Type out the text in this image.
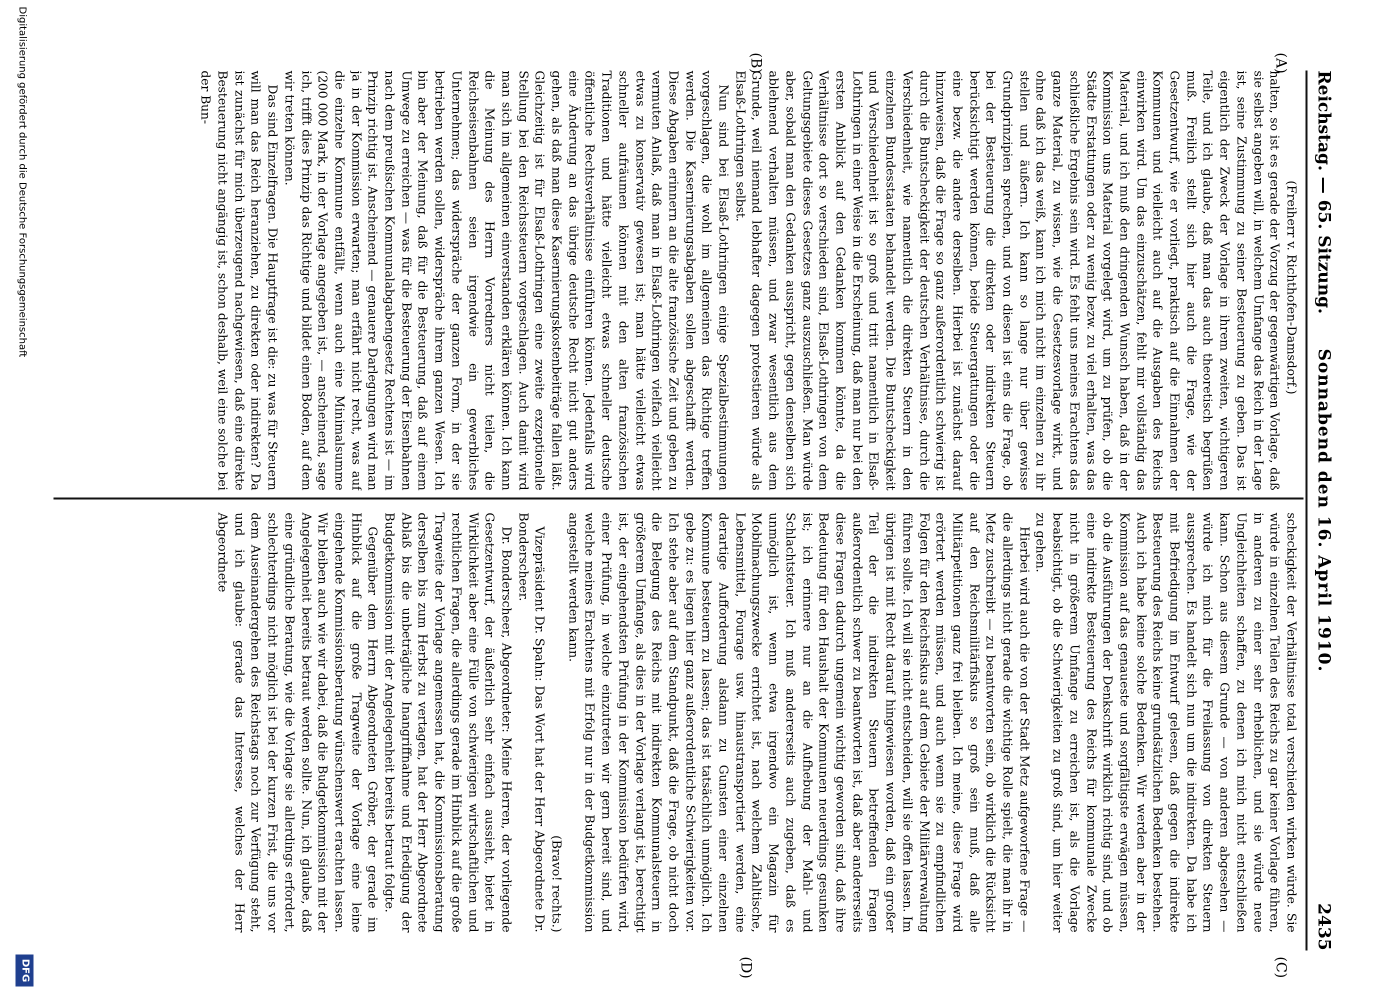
Reichstag. — 65. Sitzung.
Sonnabend den 16. April 1910.
2435
(A)
(B)
(C)
(D)

(Freiherr v. Richthofen-Damsdorf.)

halten, so ist es gerade der Vorzug der gegenwärtigen Vorlage, daß sie selbst angeben will, in welchem Umfange das Reich in der Lage ist, seine Zustimmung zu seiner Besteuerung zu geben. Das ist eigentlich der Zweck der Vorlage in ihrem zweiten, wichtigeren Teile, und ich glaube, daß man das auch theoretisch begrüßen muß. Freilich stellt sich hier auch die Frage, wie der Gesetzentwurf, wie er vorliegt, praktisch auf die Einnahmen der Kommunen und vielleicht auch auf die Ausgaben des Reichs einwirken wird. Um das einzuschätzen, fehlt mir vollständig das Material, und ich muß den dringenden Wunsch haben, daß in der Kommission uns Material vorgelegt wird, um zu prüfen, ob die Städte Erstattungen oder zu wenig bezw. zu viel erhalten, was das schließliche Ergebnis sein wird. Es fehlt uns meines Erachtens das ganze Material, zu wissen, wie die Gesetzesvorlage wirkt, und ohne daß ich das weiß, kann ich mich nicht im einzelnen zu ihr stellen und äußern. Ich kann so lange nur über gewisse Grundprinzipien sprechen, und von diesen ist eins die Frage, ob bei der Besteuerung die direkten oder indirekten Steuern berücksichtigt werden können, beide Steuergattungen oder die eine bezw. die andere derselben. Hierbei ist zunächst darauf hinzuweisen, daß die Frage so ganz außerordentlich schwierig ist durch die Buntscheckigkeit der deutschen Verhältnisse, durch die Verschiedenheit, wie namentlich die direkten Steuern in den einzelnen Bundesstaaten behandelt werden. Die Buntscheckigkeit und Verschiedenheit ist so groß und tritt namentlich in Elsaß-Lothringen in einer Weise in die Erscheinung, daß man nur bei den ersten Anblick auf den Gedanken kommen könnte, da die Verhältnisse dort so verschieden sind, Elsaß-Lothringen von dem Geltungsgebiete dieses Gesetzes ganz auszuschließen. Man würde aber, sobald man den Gedanken ausspricht, gegen denselben sich ablehnend verhalten müssen, und zwar wesentlich aus dem Grunde, weil niemand lebhafter dagegen protestieren würde als Elsaß-Lothringen selbst.

Nun sind bei Elsaß-Lothringen einige Spezialbestimmungen vorgeschlagen, die wohl im allgemeinen das Richtige treffen werden. Die Kasernierungsabgaben sollen abgeschafft werden. Diese Abgaben erinnern an die alte französische Zeit und geben zu vermuten Anlaß, daß man in Elsaß-Lothringen vielfach vielleicht etwas zu konservativ gewesen ist; man hätte vielleicht etwas schneller aufräumen können mit den alten französischen Traditionen und hätte vielleicht etwas schneller deutsche öffentliche Rechtsverhältnisse einführen können. Jedenfalls wird eine Änderung an das übrige deutsche Recht nicht gut anders gehen, als daß man diese Kasernierungskostenbeiträge fallen läßt. Gleichzeitig ist für Elsaß-Lothringen eine zweite exzeptionelle Stellung bei den Reichssteuern vorgeschlagen. Auch damit wird man sich im allgemeinen einverstanden erklären können. Ich kann die Meinung des Herrn Vorredners nicht teilen, die Reichseisenbahnen seien irgendwie ein gewerbliches Unternehmen; das widerspräche der ganzen Form, in der sie betrieben werden sollen, widerspräche ihrem ganzen Wesen. Ich bin aber der Meinung, daß für die Besteuerung, daß auf einem Umwege zu erreichen — was für die Besteuerung der Eisenbahnen nach dem preußischen Kommunalabgabengesetz Rechtens ist — im Prinzip richtig ist. Anscheinend — genauere Darlegungen wird man ja in der Kommission erwarten; man erfährt nicht recht, was auf die einzelne Kommune entfällt, wenn auch eine Minimalsumme (200 000 Mark, in der Vorlage angegeben ist, — anscheinend, sage ich, trifft dies Prinzip das Richtige und bildet einen Boden, auf dem wir treten können.

Das sind Einzelfragen. Die Hauptfrage ist die: zu was für Steuern will man das Reich heranziehen, zu direkten oder indirekten? Da ist zunächst für mich überzeugend nachgewiesen, daß eine direkte Besteuerung nicht angängig ist, schon deshalb, weil eine solche bei der Bun-

scheckigkeit der Verhältnisse total verschieden wirken würde. Sie würde in einzelnen Teilen des Reichs zu gar keiner Vorlage führen, in anderen zu einer sehr erheblichen, und sie würde neue Ungleichheiten schaffen, zu denen ich mich nicht entschließen kann. Schon aus diesem Grunde — von anderen abgesehen — würde ich mich für die Freilassung von direkten Steuern aussprechen. Es handelt sich nun um die indirekten. Da habe ich mit Befriedigung im Entwurf gelesen, daß gegen die indirekte Besteuerung des Reichs keine grundsätzlichen Bedenken bestehen. Auch ich habe keine solche Bedenken. Wir werden aber in der Kommission auf das genaueste und sorgfältigste erwägen müssen, ob die Ausführungen der Denkschrift wirklich richtig sind, und ob eine indirekte Besteuerung des Reichs für kommunale Zwecke nicht in größerem Umfange zu erreichen ist, als die Vorlage beabsichtigt, ob die Schwierigkeiten zu groß sind, um hier weiter zu gehen.

Hierbei wird auch die von der Stadt Metz aufgeworfene Frage — die allerdings nicht gerade die wichtige Rolle spielt, die man ihr in Metz zuschreibt — zu beantworten sein, ob wirklich die Rücksicht auf den Reichsmilitärfiskus so groß sein muß, daß alle Militärpetitionen ganz frei bleiben. Ich meine, diese Frage wird erörtert werden müssen, und auch wenn sie zu empfindlichen Folgen für den Reichsfiskus auf dem Gebiete der Militärverwaltung führen sollte. Ich will sie nicht entscheiden, will sie offen lassen. Im übrigen ist mit Recht darauf hingewiesen worden, daß ein großer Teil der die indirekten Steuern betreffenden Fragen außerordentlich schwer zu beantworten ist, daß aber andererseits diese Fragen dadurch ungemein wichtig geworden sind, daß ihre Bedeutung für den Haushalt der Kommunen neuerdings gesunken ist; ich erinnere nur an die Aufhebung der Mahl- und Schlachtsteuer. Ich muß andererseits auch zugeben, daß es unmöglich ist, wenn etwa irgendwo ein Magazin für Mobilmachungszwecke errichtet ist, nach welchem Zahltische, Lebensmittel, Fourage usw. hinaustransportiert werden, eine derartige Aufforderung alsdann zu Gunsten einer einzelnen Kommune besteuern zu lassen; das ist tatsächlich unmöglich. Ich gebe zu: es liegen hier ganz außerordentliche Schwierigkeiten vor. Ich stehe aber auf dem Standpunkt, daß die Frage, ob nicht doch die Belegung des Reichs mit indirekten Kommunalsteuern in größerem Umfange, als dies in der Vorlage verlangt ist, berechtigt ist, der eingehendsten Prüfung in der Kommission bedürfen wird, einer Prüfung, in welche einzutreten wir gern bereit sind, und welche meines Erachtens mit Erfolg nur in der Budgetkommission angestellt werden kann.

(Bravo! rechts.)

Vizepräsident Dr. Spahn: Das Wort hat der Herr Abgeordnete Dr. Bonderscheer.

Dr. Bonderscheer, Abgeordneter: Meine Herren, der vorliegende Gesetzentwurf, der äußerlich sehr einfach aussieht, bietet in Wirklichkeit aber eine Fülle von schwierigen wirtschaftlichen und rechtlichen Fragen, die allerdings gerade im Hinblick auf die große Tragweite der Vorlage angemessen hat, die Kommissionsberatung derselben bis zum Herbst zu vertagen, hat der Herr Abgeordnete Ablaß bis die unbeträgliche Inangriffnahme und Erledigung der Budgetkommission mit der Angelegenheit bereits betraut folgte.

Gegenüber dem Herrn Abgeordneten Gröber, der gerade im Hinblick auf die große Tragweite der Vorlage eine leine eingehende Kommissionsberatung wünschenswert erachten lassen. Wir bleiben auch wie wir dabei, daß die Budgetkommission mit der Angelegenheit bereits betraut werden sollte. Nun, ich glaube, daß eine gründliche Beratung, wie die Vorlage sie allerdings erfordert, schlechterdings nicht möglich ist bei der kurzen Frist, die uns vor dem Auseinandergehen des Reichstags noch zur Verfügung steht, und ich glaube: gerade das Interesse, welches der Herr Abgeordnete

Digitalisierung gefördert durch die Deutsche Forschungsgemeinschaft
DFG
